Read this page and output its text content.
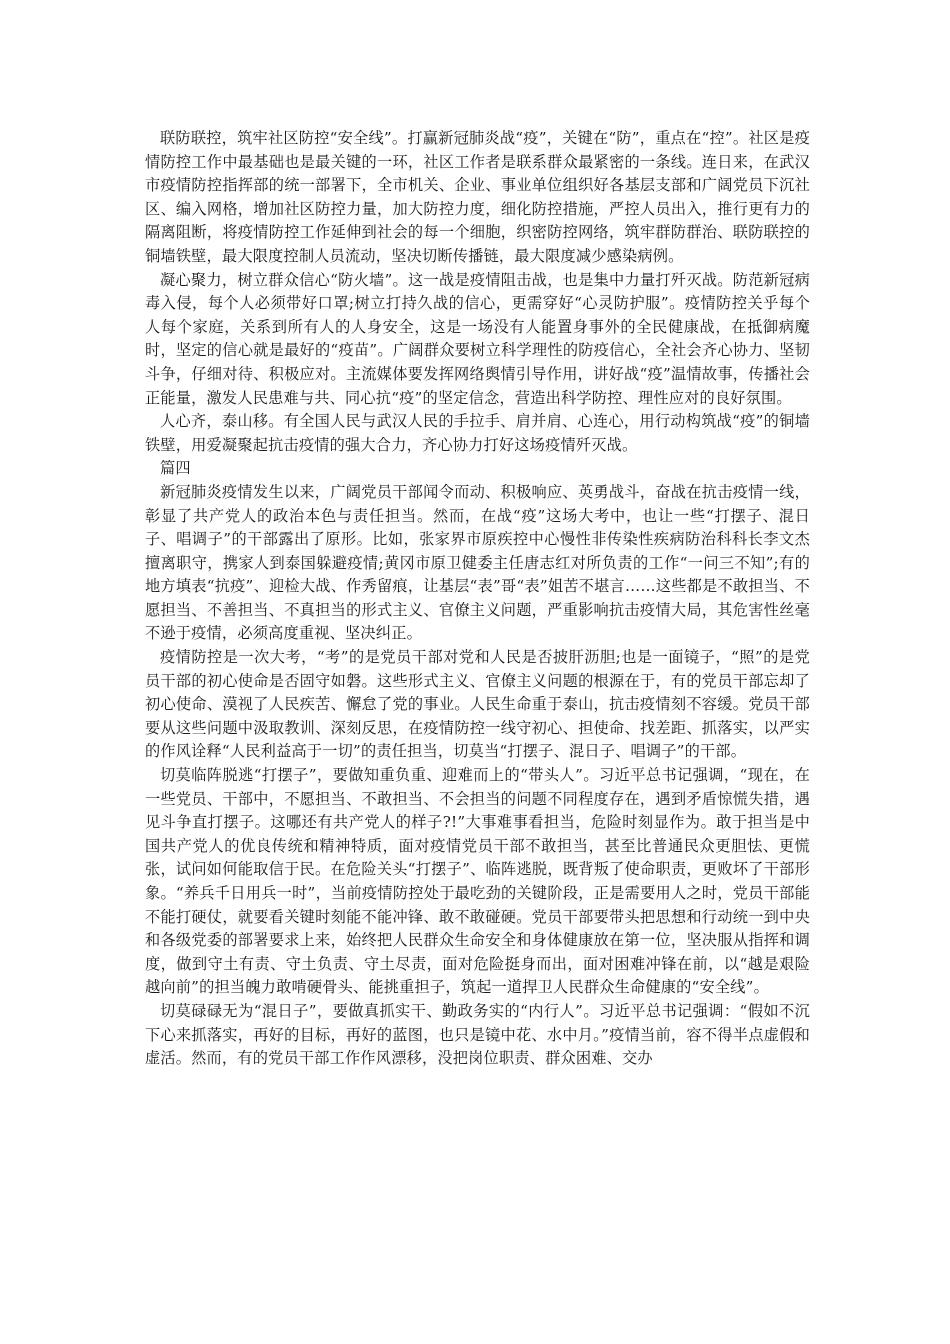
联防联控，筑牢社区防控“安全线”。打赢新冠肺炎战“疫”，关键在“防”，重点在“控”。社区是疫情防控工作中最基础也是最关键的一环，社区工作者是联系群众最紧密的一条线。连日来，在武汉市疫情防控指挥部的统一部署下，全市机关、企业、事业单位组织好各基层支部和广阔党员下沉社区、编入网格，增加社区防控力量，加大防控力度，细化防控措施，严控人员出入，推行更有力的隔离阻断，将疫情防控工作延伸到社会的每一个细胞，织密防控网络，筑牢群防群治、联防联控的铜墙铁壁，最大限度控制人员流动，坚决切断传播链，最大限度减少感染病例。

凝心聚力，树立群众信心“防火墙”。这一战是疫情阻击战，也是集中力量打歼灭战。防范新冠病毒入侵，每个人必须带好口罩;树立打持久战的信心，更需穿好“心灵防护服”。疫情防控关乎每个人每个家庭，关系到所有人的人身安全，这是一场没有人能置身事外的全民健康战，在抵御病魔时，坚定的信心就是最好的“疫苗”。广阔群众要树立科学理性的防疫信心，全社会齐心协力、坚韧斗争，仔细对待、积极应对。主流媒体要发挥网络舆情引导作用，讲好战“疫”温情故事，传播社会正能量，激发人民患难与共、同心抗“疫”的坚定信念，营造出科学防控、理性应对的良好氛围。

人心齐，泰山移。有全国人民与武汉人民的手拉手、肩并肩、心连心，用行动构筑战“疫”的铜墙铁壁，用爱凝聚起抗击疫情的强大合力，齐心协力打好这场疫情歼灭战。

篇四

新冠肺炎疫情发生以来，广阔党员干部闻令而动、积极响应、英勇战斗，奋战在抗击疫情一线，彰显了共产党人的政治本色与责任担当。然而，在战“疫”这场大考中，也让一些“打摆子、混日子、唱调子”的干部露出了原形。比如，张家界市原疾控中心慢性非传染性疾病防治科科长李文杰擅离职守，携家人到泰国躲避疫情;黄冈市原卫健委主任唐志红对所负责的工作“一问三不知”;有的地方填表“抗疫”、迎检大战、作秀留痕，让基层“表”哥“表”姐苦不堪言……这些都是不敢担当、不愿担当、不善担当、不真担当的形式主义、官僚主义问题，严重影响抗击疫情大局，其危害性丝毫不逊于疫情，必须高度重视、坚决纠正。

疫情防控是一次大考，“考”的是党员干部对党和人民是否披肝沥胆;也是一面镜子，“照”的是党员干部的初心使命是否固守如磐。这些形式主义、官僚主义问题的根源在于，有的党员干部忘却了初心使命、漠视了人民疾苦、懈怠了党的事业。人民生命重于泰山，抗击疫情刻不容缓。党员干部要从这些问题中汲取教训、深刻反思，在疫情防控一线守初心、担使命、找差距、抓落实，以严实的作风诠释“人民利益高于一切”的责任担当，切莫当“打摆子、混日子、唱调子”的干部。

切莫临阵脱逃“打摆子”，要做知重负重、迎难而上的“带头人”。习近平总书记强调，“现在，在一些党员、干部中，不愿担当、不敢担当、不会担当的问题不同程度存在，遇到矛盾惊慌失措，遇见斗争直打摆子。这哪还有共产党人的样子?!”大事难事看担当，危险时刻显作为。敢于担当是中国共产党人的优良传统和精神特质，面对疫情党员干部不敢担当，甚至比普通民众更胆怯、更慌张，试问如何能取信于民。在危险关头“打摆子”、临阵逃脱，既背叛了使命职责，更败坏了干部形象。“养兵千日用兵一时”，当前疫情防控处于最吃劲的关键阶段，正是需要用人之时，党员干部能不能打硬仗，就要看关键时刻能不能冲锋、敢不敢碰硬。党员干部要带头把思想和行动统一到中央和各级党委的部署要求上来，始终把人民群众生命安全和身体健康放在第一位，坚决服从指挥和调度，做到守土有责、守土负责、守土尽责，面对危险挺身而出，面对困难冲锋在前，以“越是艰险越向前”的担当魄力敢啃硬骨头、能挑重担子，筑起一道捍卫人民群众生命健康的“安全线”。

切莫碌碌无为“混日子”，要做真抓实干、勤政务实的“内行人”。习近平总书记强调：“假如不沉下心来抓落实，再好的目标，再好的蓝图，也只是镜中花、水中月。”疫情当前，容不得半点虚假和虚活。然而，有的党员干部工作作风漂移，没把岗位职责、群众困难、交办
